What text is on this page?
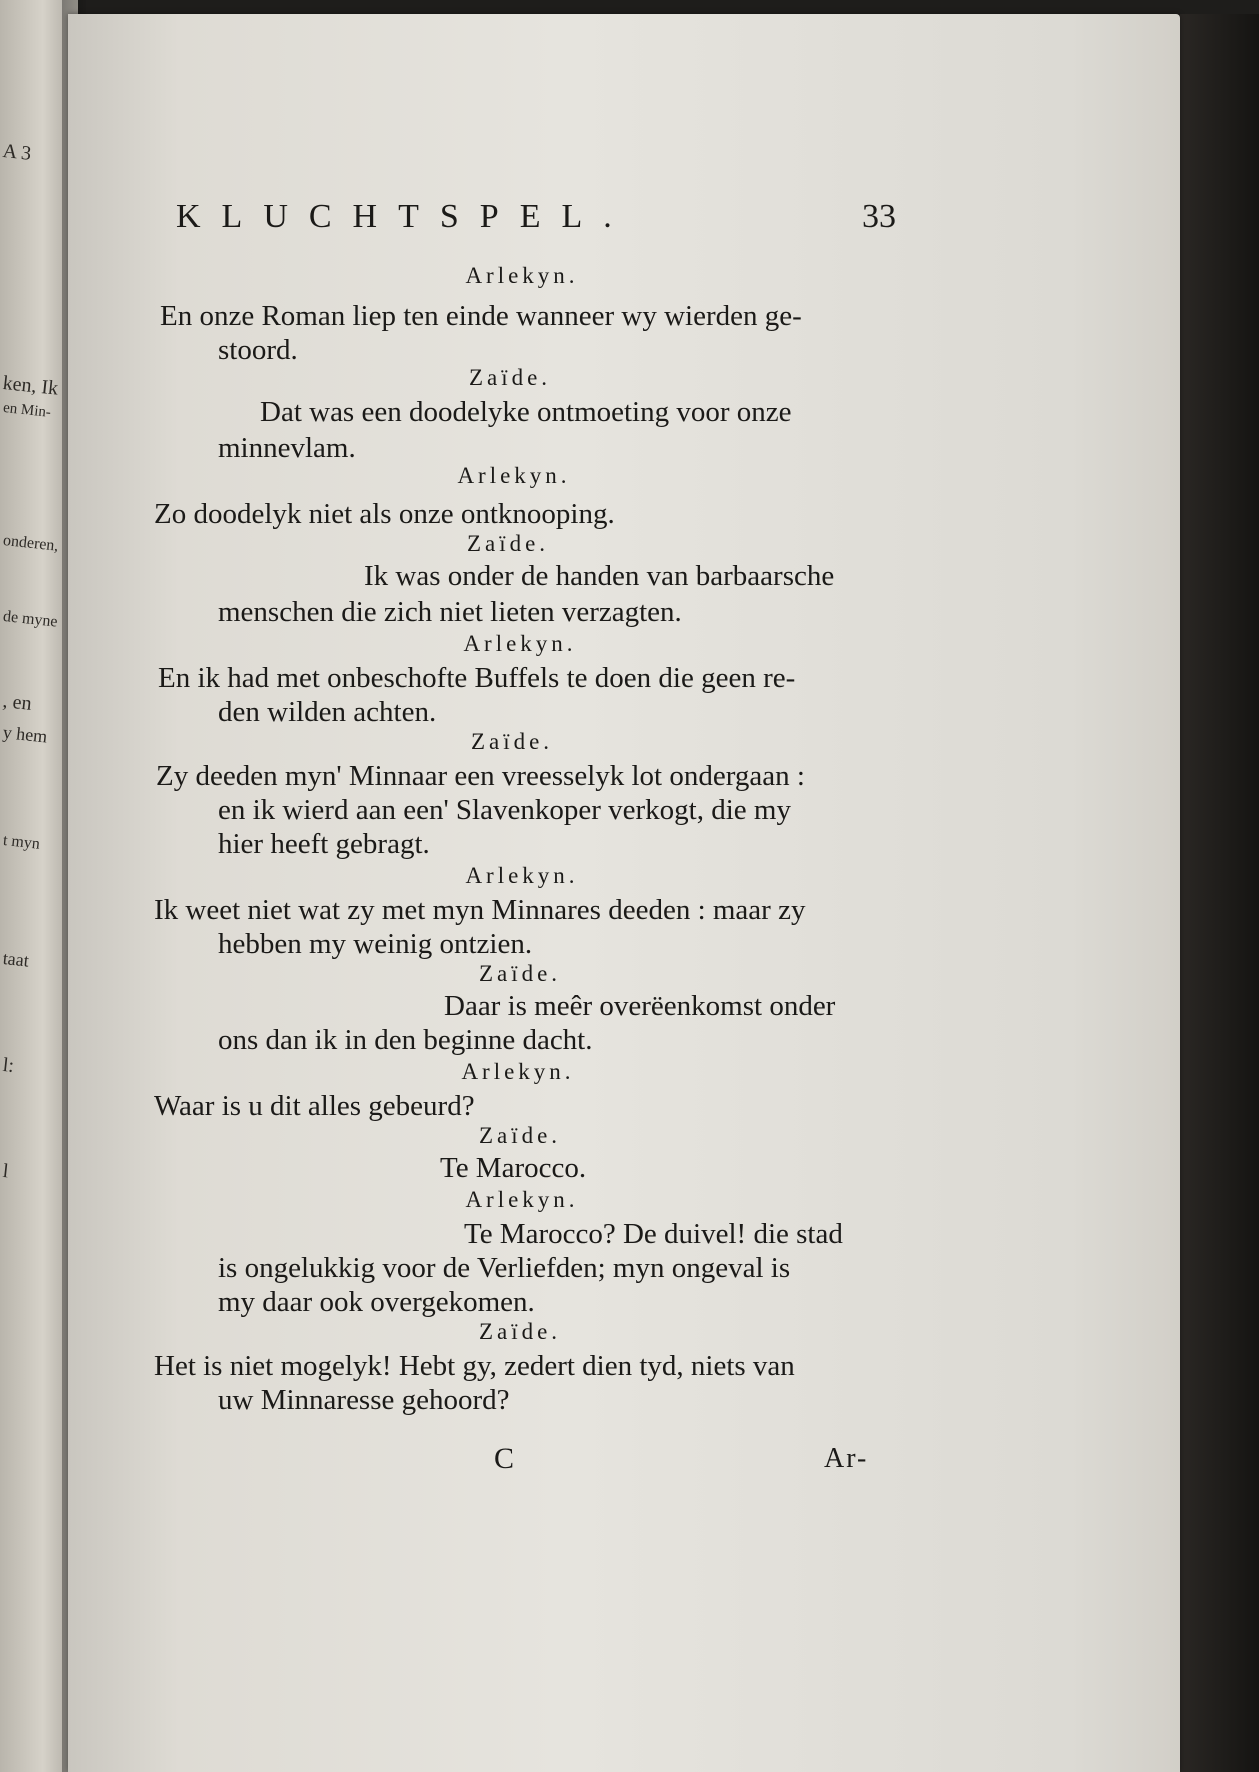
A 3
ken, Ik
en Min-
onderen,
de myne
, en
y hem
t myn
taat
l:
l
KLUCHTSPEL.	33
Arlekyn.
En onze Roman liep ten einde wanneer wy wierden ge-
stoord.
Zaïde.
Dat was een doodelyke ontmoeting voor onze
minnevlam.
Arlekyn.
Zo doodelyk niet als onze ontknooping.
Zaïde.
Ik was onder de handen van barbaarsche
menschen die zich niet lieten verzagten.
Arlekyn.
En ik had met onbeschofte Buffels te doen die geen re-
den wilden achten.
Zaïde.
Zy deeden myn' Minnaar een vreesselyk lot ondergaan :
en ik wierd aan een' Slavenkoper verkogt, die my
hier heeft gebragt.
Arlekyn.
Ik weet niet wat zy met myn Minnares deeden : maar zy
hebben my weinig ontzien.
Zaïde.
Daar is meêr overëenkomst onder
ons dan ik in den beginne dacht.
Arlekyn.
Waar is u dit alles gebeurd?
Zaïde.
Te Marocco.
Arlekyn.
Te Marocco? De duivel! die stad
is ongelukkig voor de Verliefden; myn ongeval is
my daar ook overgekomen.
Zaïde.
Het is niet mogelyk! Hebt gy, zedert dien tyd, niets van
uw Minnaresse gehoord?
C	Ar-
